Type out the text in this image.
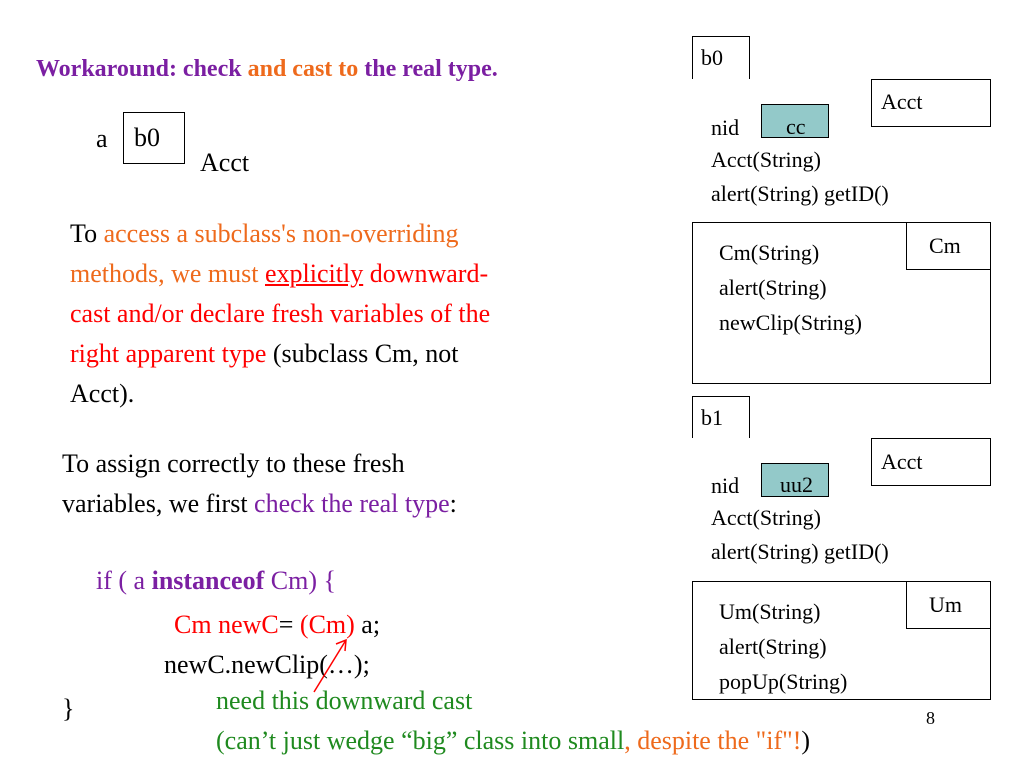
Workaround: check and cast to the real type.
a b0
Acct
To access a subclass's non-overriding
methods, we must explicitly downward-
cast and/or declare fresh variables of the
right apparent type (subclass Cm, not
Acct).
To assign correctly to these fresh
variables, we first check the real type:
if ( a instanceof Cm) {
Cm newC= (Cm) a;
newC.newClip(…);
}	need this downward cast
(can’t just wedge “big” class into small, despite the "if"!)
8
b0
Acct
nid cc
Acct(String)
alert(String) getID()
Cm
Cm(String)
alert(String)
newClip(String)
b1
Acct
nid uu2
Acct(String)
alert(String) getID()
Um
Um(String)
alert(String)
popUp(String)
